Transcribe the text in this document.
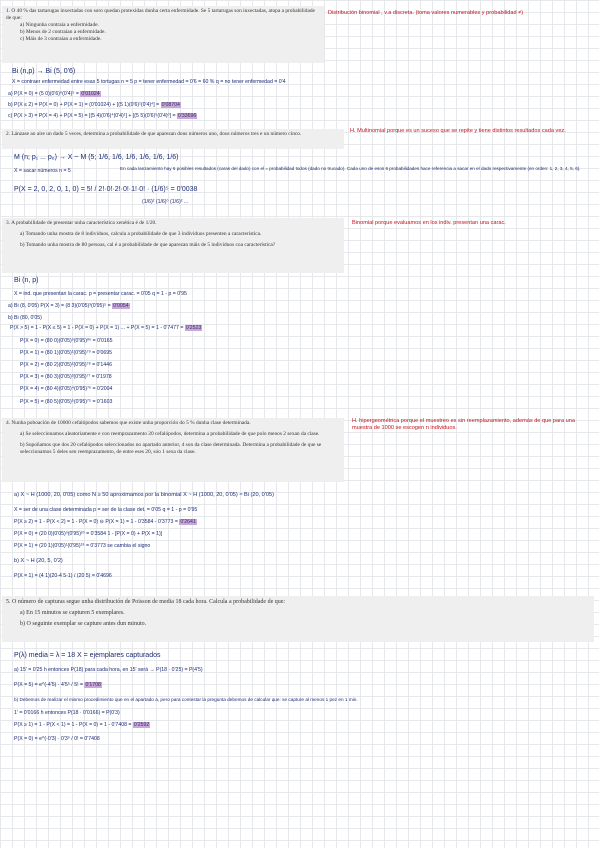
1. O 40 % das tartarugas inxectadas con soro quedan protexidas dunha certa enfermidade. Se 5 tartarugas son inxectadas, atopa a probabilidade de que:
a) Ningunha contraia a enfermidade.
b) Menos de 2 contraian a enfermidade.
c) Máis de 3 contraian a enfermidade.
Distribución binomial , v.a discreta. (toma valores numerables y probabilidad ≠)
Bi (n,p) → Bi (5, 0'6)
X = contraer enfermedad entre esas 5 tortugas n = 5 p = tener enfermedad = 0'6 = 60 % q = no tener enfermedad = 0'4
a) P(X = 0) = (5 0)(0'6)⁰(0'4)⁵ = 0'01024
b) P(X ≤ 2) = P(X = 0) + P(X = 1) = (0'01024) + [(5 1)(0'6)¹(0'4)⁴] = 0'08704
c) P(X > 3) = P(X = 4) + P(X = 5) = [(5 4)(0'6)⁴(0'4)¹] + [(5 5)(0'6)⁵(0'4)⁰] = 0'33696
2. Lánzase ao aire un dado 5 veces, determina a probabilidade de que aparezan dous números uno, dous números tres e un número cinco.	H. Multinomial porque es un suceso que se repite y tiene distintos resultados cada vez.
M (n; p₁ ... p₆) → X ~ M (5; 1/6, 1/6, 1/6, 1/6, 1/6, 1/6)
X = sacar números n = 5	En cada lanzamiento hay 6 posibles resultados (caras del dado) con el = probabilidad todos (dado no trucado). Cada uno de esos 6 probabilidades hace referencia a sacar en el dado respectivamente (en orden: 1, 2, 3, 4, 5, 6).
P(X = 2, 0, 2, 0, 1, 0) = 5! / 2!·0!·2!·0!·1!·0! · (1/6)⁵ = 0'0038
(1/6)² (1/6)⁰ (1/6)² ...
3. A probabilidade de presentar unha característica xenética é de 1/20.
a) Tomando unha mostra de 8 individuos, calcula a probabilidade de que 3 individuos presenten a característica.
b) Tomando unha mostra de 80 persoas, cal é a probabilidade de que aparezan máis de 5 individuos coa característica?
Binomial porque evaluamos en los indiv. presentan una carac.
Bi (n, p)
X = ind. que presentan la carac. p = presentar carac. = 0'05 q = 1 - p = 0'95
a) Bi (8, 0'05) P(X = 3) = (8 3)(0'05)³(0'95)⁵ = 0'0054
b) Bi (80, 0'05)
P(X > 5) = 1 - P(X ≤ 5) = 1 - P(X = 0) + P(X = 1) ... + P(X = 5) = 1 - 0'7477 = 0'2523
P(X = 0) = (80 0)(0'05)⁰(0'95)⁸⁰ = 0'0165
P(X = 1) = (80 1)(0'05)¹(0'95)⁷⁹ = 0'0695
P(X = 2) = (80 2)(0'05)²(0'95)⁷⁸ = 0'1446
P(X = 3) = (80 3)(0'05)³(0'95)⁷⁷ = 0'1978
P(X = 4) = (80 4)(0'05)⁴(0'95)⁷⁶ = 0'2004
P(X = 5) = (80 5)(0'05)⁵(0'95)⁷⁵ = 0'1603
4. Nunha poboación de 10000 cefalópodos sabemos que existe unha proporción do 5 % dunha clase determinada.
a) Se seleccionamos aleatoriamente e con reemprazamento 20 cefalópodos, determina a probabilidade de que polo menos 2 sexan da clase.
b) Supoñamos que dos 20 cefalópodos seleccionados no apartado anterior, 4 son da clase determinada. Determina a probabilidade de que se seleccionamos 5 deles sen reemprazamento, de entre eses 20, sóo 1 sexa da clase.
H. hipergeométrica porque el muestreo es sin reemplazamiento, además de que para una muestra de 1000 se escogen n individuos.
a) X ~ H (1000, 20, 0'05) como N ≥ 50 aproximamos por la binomial X ~ H (1000, 20, 0'05) ≈ Bi (20, 0'05)
X = ser de una clase determinada p = ser de la clase det. = 0'05 q = 1 - p = 0'95
P(X ≥ 2) = 1 - P(X < 2) = 1 - P(X = 0) ⊖ P(X = 1) = 1 - 0'3584 - 0'3773 = 0'2641
P(X = 0) = (20 0)(0'05)⁰(0'95)²⁰ = 0'3584 1 - [P(X = 0) + P(X = 1)]
P(X = 1) = (20 1)(0'05)¹(0'95)¹⁹ = 0'3773 se cambia el signo
b) X ~ H (20, 5, 0'2)
P(X = 1) = (4 1)(20-4 5-1) / (20 5) = 0'4696
5. O número de capturas segue unha distribución de Poisson de media 18 cada hora. Calcula a probabilidade de que:
a) En 15 minutos se capturen 5 exemplares.
b) O seguinte exemplar se capture antes dun minuto.
P(λ) media = λ = 18 X = ejemplares capturados
a) 15' = 0'25 h entonces P(18) para cada hora, en 15' será → P(18 · 0'25) = P(4'5)
P(X = 5) = e^(-4'5) · 4'5⁵ / 5! = 0'1708
b) Debemos de realizar el mismo procedimiento que en el apartado a, pero para contestar la pregunta debemos de calcular que: se capture al menos 1 pez en 1 min.
1' = 0'0166 h entonces P(18 · 0'0166) = P(0'3)
P(X ≥ 1) = 1 - P(X < 1) = 1 - P(X = 0) = 1 - 0'7408 = 0'2592
P(X = 0) = e^(-0'3) · 0'3⁰ / 0! = 0'7408
